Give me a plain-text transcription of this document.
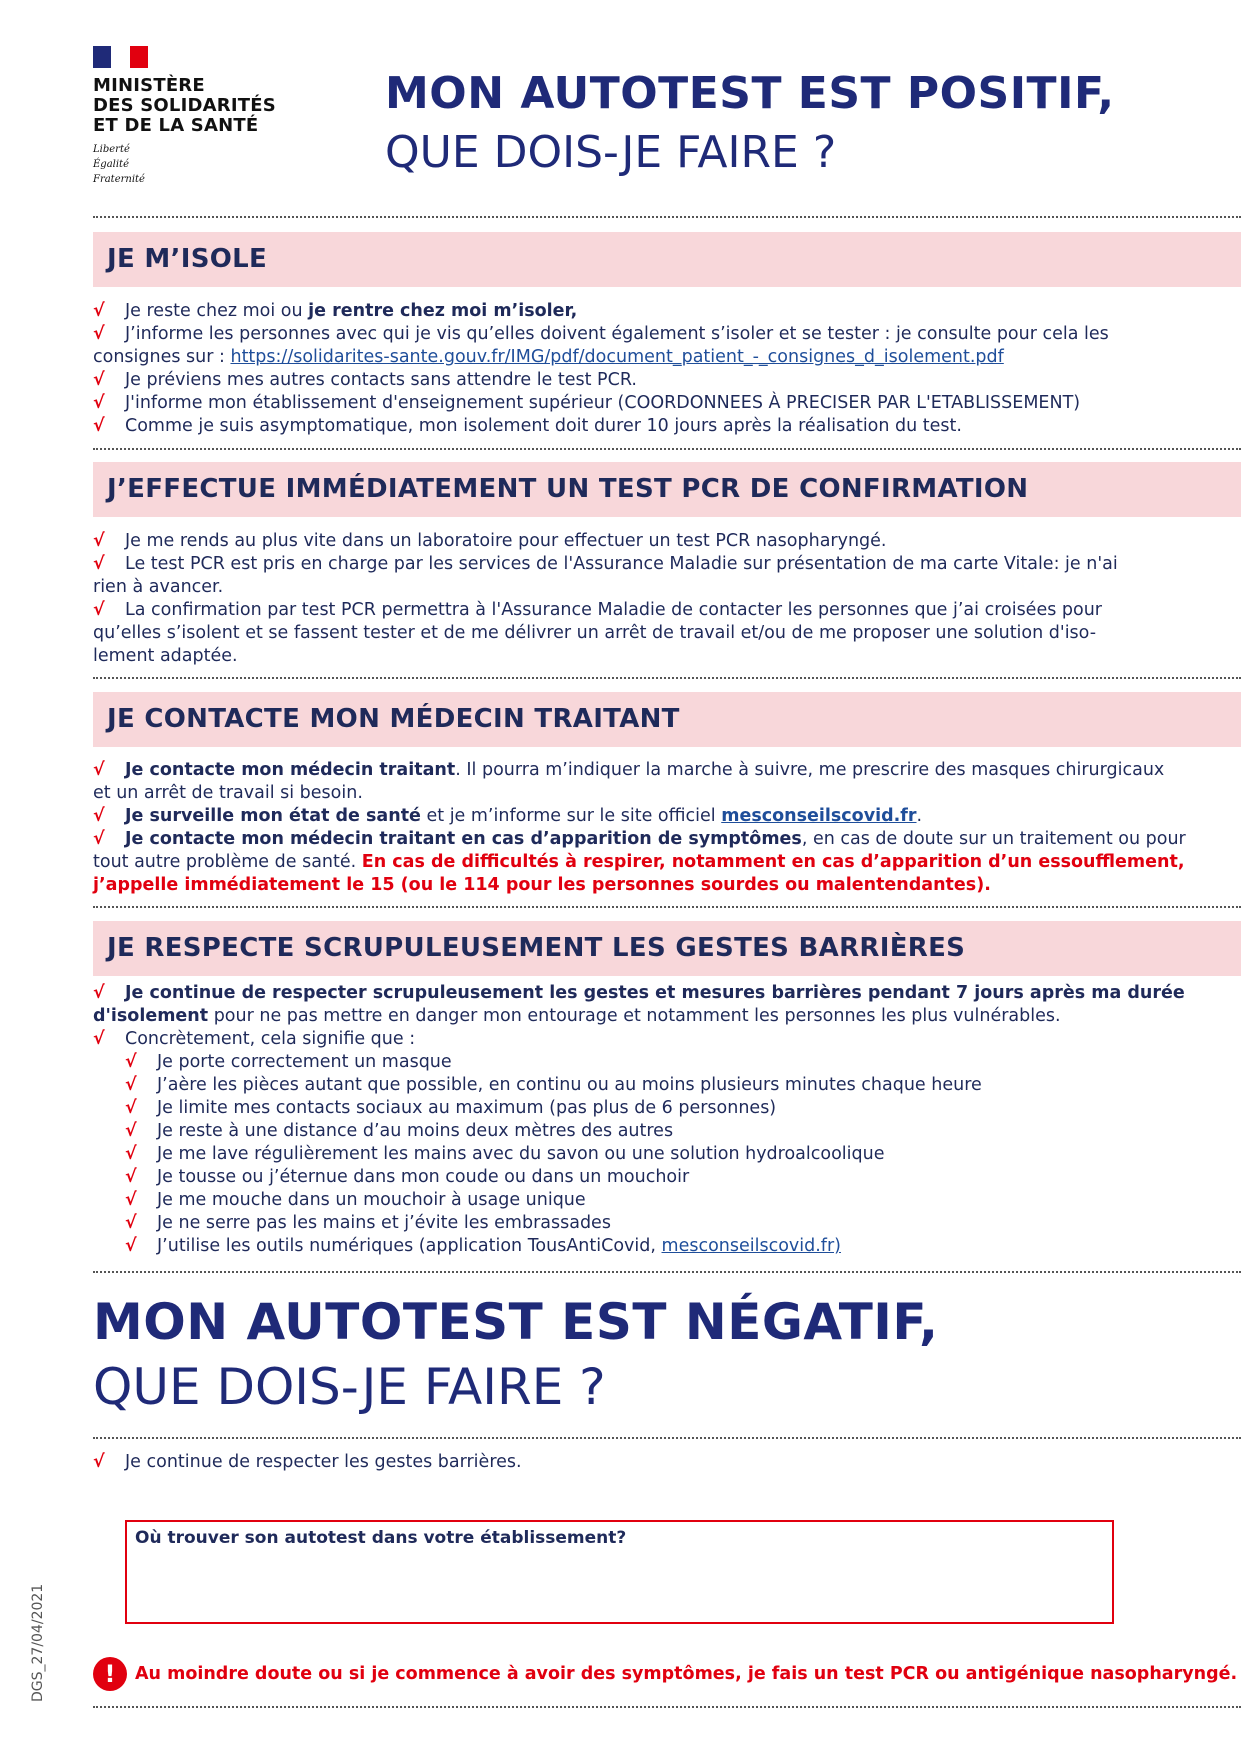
MINISTÈRE
DES SOLIDARITÉS
ET DE LA SANTÉ
Liberté
Égalité
Fraternité
MON AUTOTEST EST POSITIF,
QUE DOIS-JE FAIRE ?
JE M’ISOLE
√ Je reste chez moi ou je rentre chez moi m’isoler,
√ J’informe les personnes avec qui je vis qu’elles doivent également s’isoler et se tester : je consulte pour cela les
consignes sur : https://solidarites-sante.gouv.fr/IMG/pdf/document_patient_-_consignes_d_isolement.pdf
√ Je préviens mes autres contacts sans attendre le test PCR.
√ J'informe mon établissement d'enseignement supérieur (COORDONNEES À PRECISER PAR L'ETABLISSEMENT)
√ Comme je suis asymptomatique, mon isolement doit durer 10 jours après la réalisation du test.
J’EFFECTUE IMMÉDIATEMENT UN TEST PCR DE CONFIRMATION
√ Je me rends au plus vite dans un laboratoire pour effectuer un test PCR nasopharyngé.
√ Le test PCR est pris en charge par les services de l'Assurance Maladie sur présentation de ma carte Vitale: je n'ai
rien à avancer.
√ La confirmation par test PCR permettra à l'Assurance Maladie de contacter les personnes que j’ai croisées pour
qu’elles s’isolent et se fassent tester et de me délivrer un arrêt de travail et/ou de me proposer une solution d'iso-
lement adaptée.
JE CONTACTE MON MÉDECIN TRAITANT
√ Je contacte mon médecin traitant. Il pourra m’indiquer la marche à suivre, me prescrire des masques chirurgicaux
et un arrêt de travail si besoin.
√ Je surveille mon état de santé et je m’informe sur le site officiel mesconseilscovid.fr.
√ Je contacte mon médecin traitant en cas d’apparition de symptômes, en cas de doute sur un traitement ou pour
tout autre problème de santé. En cas de difficultés à respirer, notamment en cas d’apparition d’un essoufflement,
j’appelle immédiatement le 15 (ou le 114 pour les personnes sourdes ou malentendantes).
JE RESPECTE SCRUPULEUSEMENT LES GESTES BARRIÈRES
√ Je continue de respecter scrupuleusement les gestes et mesures barrières pendant 7 jours après ma durée
d'isolement pour ne pas mettre en danger mon entourage et notamment les personnes les plus vulnérables.
√ Concrètement, cela signifie que :
√ Je porte correctement un masque
√ J’aère les pièces autant que possible, en continu ou au moins plusieurs minutes chaque heure
√ Je limite mes contacts sociaux au maximum (pas plus de 6 personnes)
√ Je reste à une distance d’au moins deux mètres des autres
√ Je me lave régulièrement les mains avec du savon ou une solution hydroalcoolique
√ Je tousse ou j’éternue dans mon coude ou dans un mouchoir
√ Je me mouche dans un mouchoir à usage unique
√ Je ne serre pas les mains et j’évite les embrassades
√ J’utilise les outils numériques (application TousAntiCovid, mesconseilscovid.fr)
MON AUTOTEST EST NÉGATIF,
QUE DOIS-JE FAIRE ?
√ Je continue de respecter les gestes barrières.
Où trouver son autotest dans votre établissement?
!	Au moindre doute ou si je commence à avoir des symptômes, je fais un test PCR ou antigénique nasopharyngé.
DGS_27/04/2021
